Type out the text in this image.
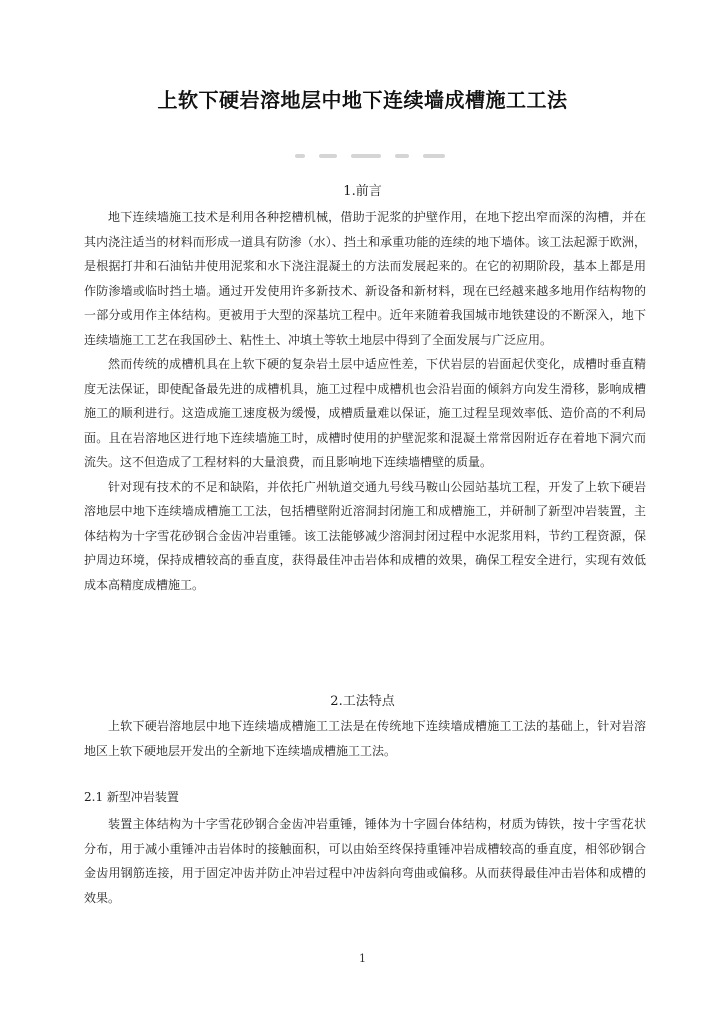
上软下硬岩溶地层中地下连续墙成槽施工工法
1.前言

地下连续墙施工技术是利用各种挖槽机械，借助于泥浆的护壁作用，在地下挖出窄而深的沟槽，并在其内浇注适当的材料而形成一道具有防渗（水）、挡土和承重功能的连续的地下墙体。该工法起源于欧洲，是根据打井和石油钻井使用泥浆和水下浇注混凝土的方法而发展起来的。在它的初期阶段，基本上都是用作防渗墙或临时挡土墙。通过开发使用许多新技术、新设备和新材料，现在已经越来越多地用作结构物的一部分或用作主体结构。更被用于大型的深基坑工程中。近年来随着我国城市地铁建设的不断深入，地下连续墙施工工艺在我国砂土、粘性土、冲填土等软土地层中得到了全面发展与广泛应用。

然而传统的成槽机具在上软下硬的复杂岩土层中适应性差，下伏岩层的岩面起伏变化，成槽时垂直精度无法保证，即使配备最先进的成槽机具，施工过程中成槽机也会沿岩面的倾斜方向发生滑移，影响成槽施工的顺利进行。这造成施工速度极为缓慢，成槽质量难以保证，施工过程呈现效率低、造价高的不利局面。且在岩溶地区进行地下连续墙施工时，成槽时使用的护壁泥浆和混凝土常常因附近存在着地下洞穴而流失。这不但造成了工程材料的大量浪费，而且影响地下连续墙槽壁的质量。

针对现有技术的不足和缺陷，并依托广州轨道交通九号线马鞍山公园站基坑工程，开发了上软下硬岩溶地层中地下连续墙成槽施工工法，包括槽壁附近溶洞封闭施工和成槽施工，并研制了新型冲岩装置，主体结构为十字雪花砂钢合金齿冲岩重锤。该工法能够减少溶洞封闭过程中水泥浆用料，节约工程资源，保护周边环境，保持成槽较高的垂直度，获得最佳冲击岩体和成槽的效果，确保工程安全进行，实现有效低成本高精度成槽施工。

2.工法特点

上软下硬岩溶地层中地下连续墙成槽施工工法是在传统地下连续墙成槽施工工法的基础上，针对岩溶地区上软下硬地层开发出的全新地下连续墙成槽施工工法。

2.1 新型冲岩装置

装置主体结构为十字雪花砂钢合金齿冲岩重锤，锤体为十字圆台体结构，材质为铸铁，按十字雪花状分布，用于减小重锤冲击岩体时的接触面积，可以由始至终保持重锤冲岩成槽较高的垂直度，相邻砂钢合金齿用钢筋连接，用于固定冲齿并防止冲岩过程中冲齿斜向弯曲或偏移。从而获得最佳冲击岩体和成槽的效果。

1
